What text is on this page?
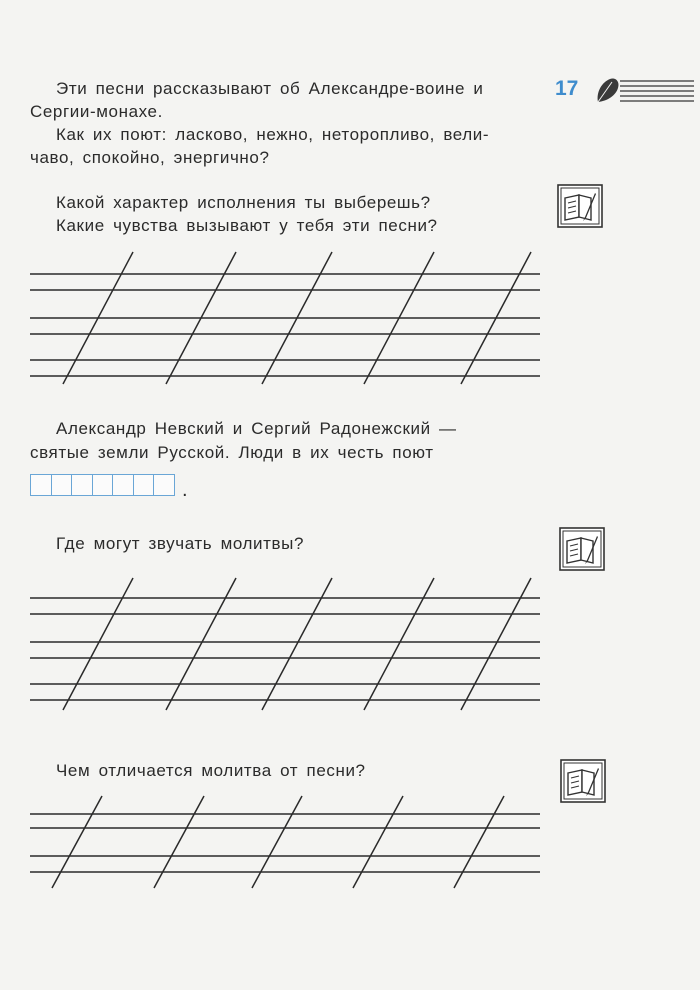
17
Эти песни рассказывают об Александре-воине и
Сергии-монахе.
Как их поют: ласково, нежно, неторопливо, вели-
чаво, спокойно, энергично?
Какой характер исполнения ты выберешь?
Какие чувства вызывают у тебя эти песни?
Александр Невский и Сергий Радонежский —
святые земли Русской. Люди в их честь поют
.
Где могут звучать молитвы?
Чем отличается молитва от песни?
